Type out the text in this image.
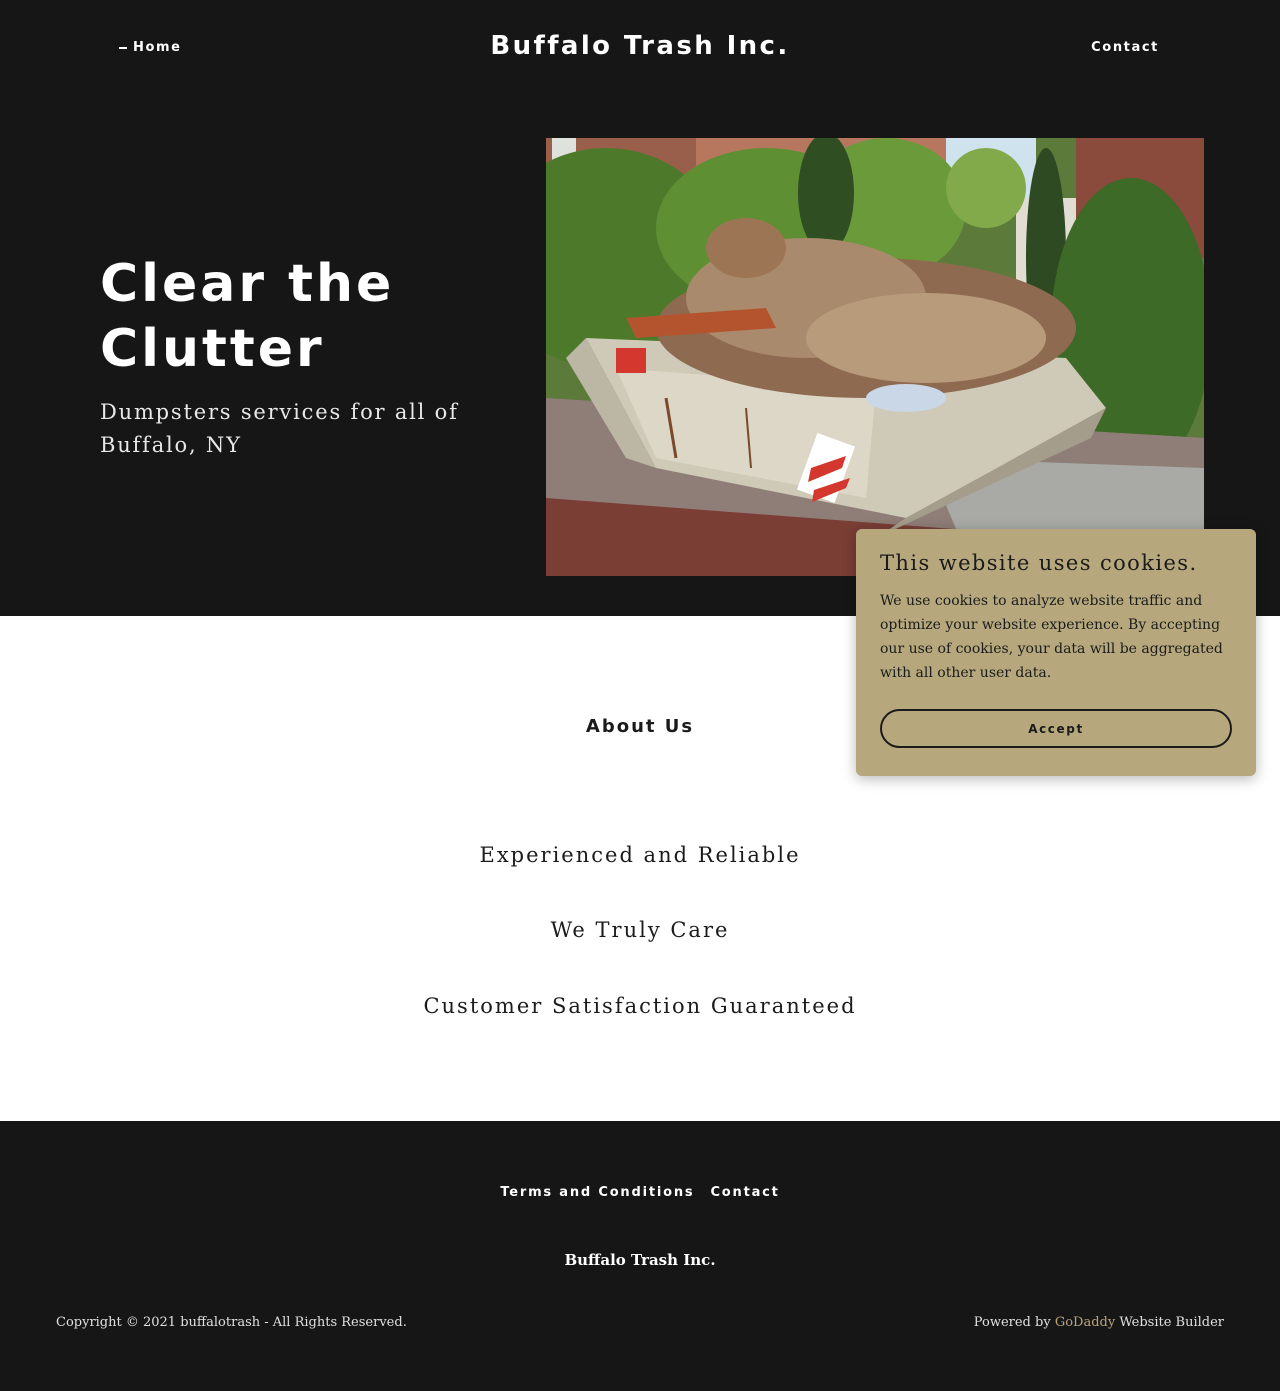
Home	Buffalo Trash Inc.	Contact
Clear the Clutter

Dumpsters services for all of Buffalo, NY

About Us

Experienced and Reliable

We Truly Care

Customer Satisfaction Guaranteed

Terms and Conditions Contact

Buffalo Trash Inc.

Copyright © 2021 buffalotrash - All Rights Reserved.	Powered by GoDaddy Website Builder

This website uses cookies.

We use cookies to analyze website traffic and optimize your website experience. By accepting our use of cookies, your data will be aggregated with all other user data.

Accept
